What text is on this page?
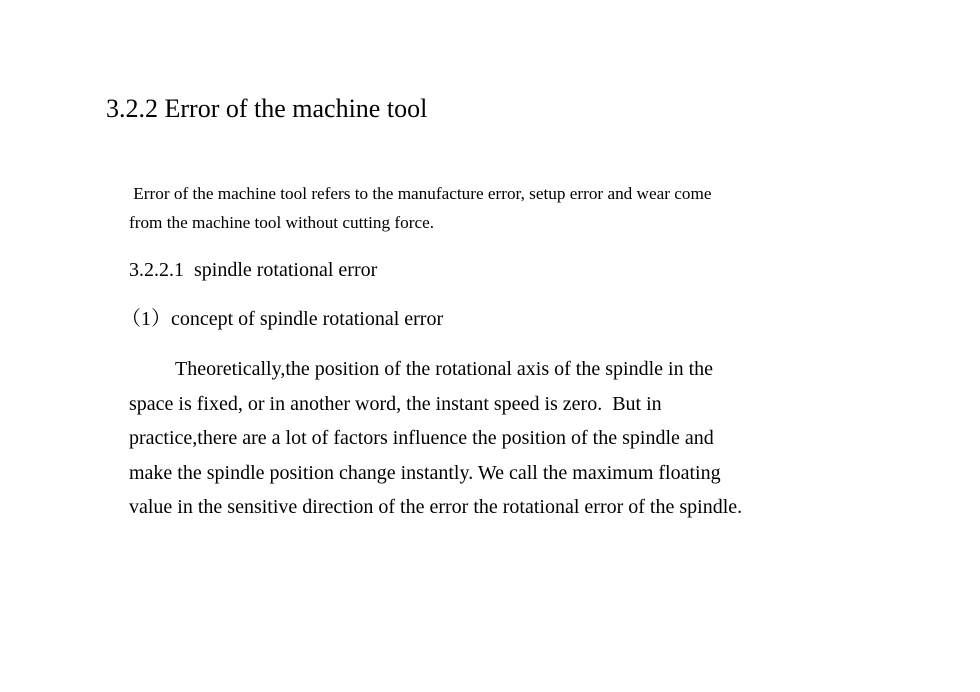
3.2.2 Error of the machine tool

Error of the machine tool refers to the manufacture error, setup error and wear come
from the machine tool without cutting force.

3.2.2.1  spindle rotational error

（1）concept of spindle rotational error

Theoretically,the position of the rotational axis of the spindle in the
space is fixed, or in another word, the instant speed is zero.  But in
practice,there are a lot of factors influence the position of the spindle and
make the spindle position change instantly. We call the maximum floating
value in the sensitive direction of the error the rotational error of the spindle.
